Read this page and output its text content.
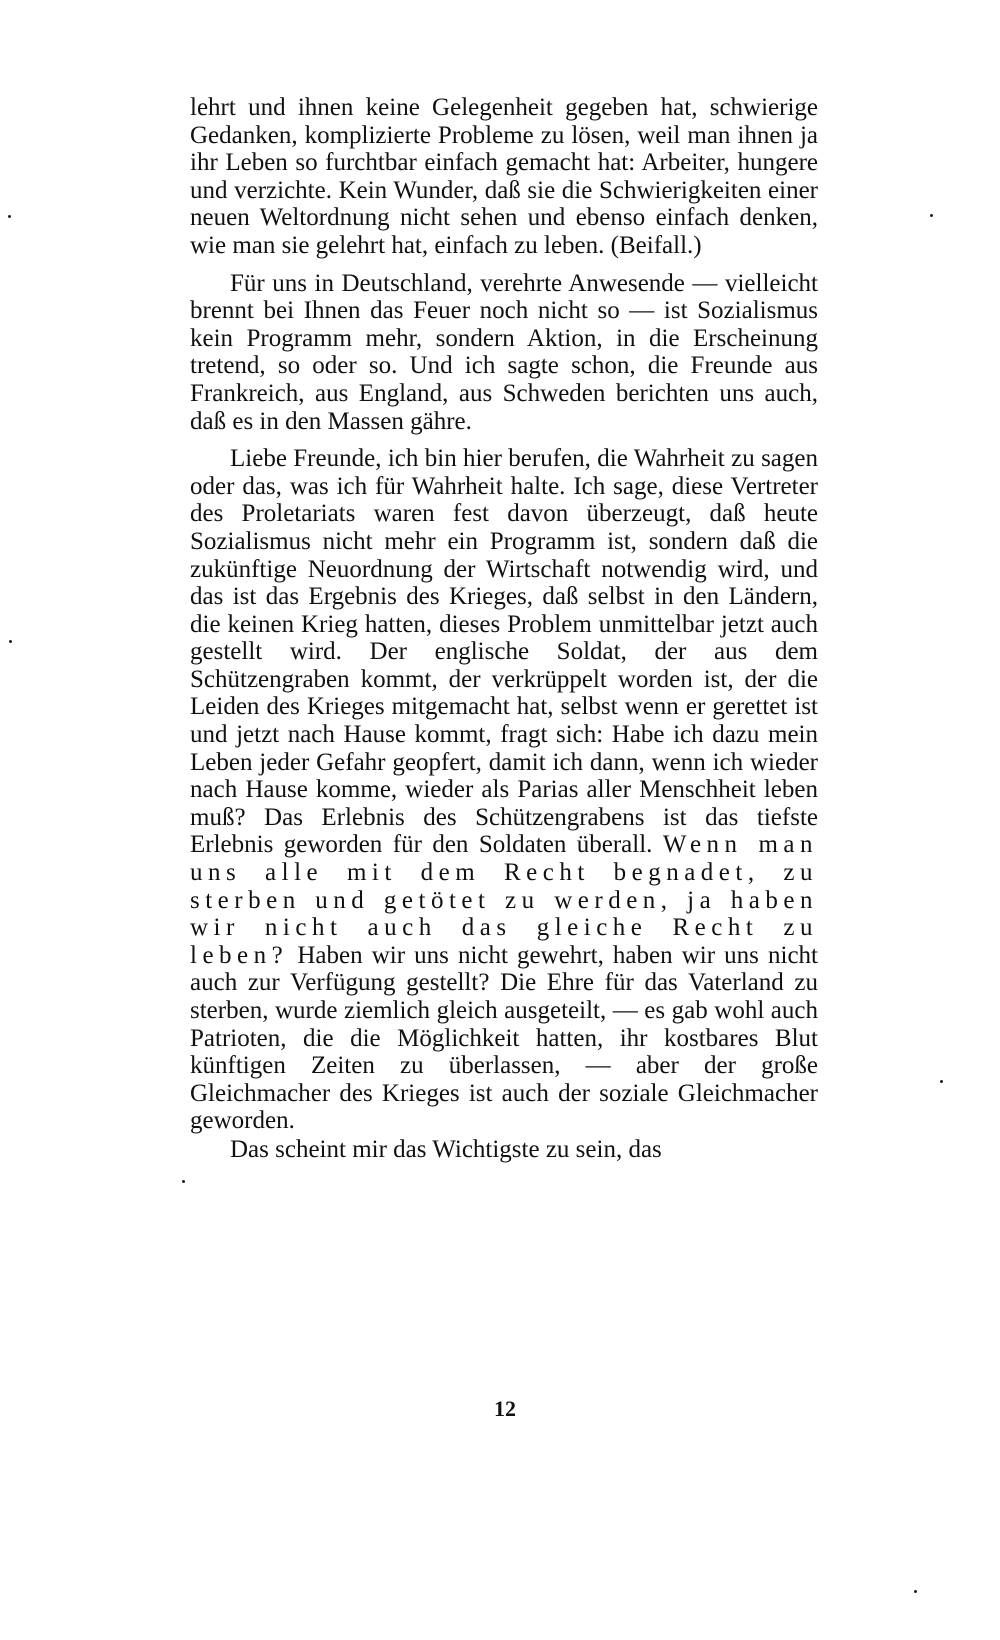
lehrt und ihnen keine Gelegenheit gegeben hat, schwierige Gedanken, komplizierte Probleme zu lösen, weil man ihnen ja ihr Leben so furchtbar einfach gemacht hat: Arbeiter, hungere und verzichte. Kein Wunder, daß sie die Schwierigkeiten einer neuen Weltordnung nicht sehen und ebenso einfach denken, wie man sie gelehrt hat, einfach zu leben. (Beifall.)

Für uns in Deutschland, verehrte Anwesende — vielleicht brennt bei Ihnen das Feuer noch nicht so — ist Sozialismus kein Programm mehr, sondern Aktion, in die Erscheinung tretend, so oder so. Und ich sagte schon, die Freunde aus Frankreich, aus England, aus Schweden berichten uns auch, daß es in den Massen gähre.

Liebe Freunde, ich bin hier berufen, die Wahrheit zu sagen oder das, was ich für Wahrheit halte. Ich sage, diese Vertreter des Proletariats waren fest davon überzeugt, daß heute Sozialismus nicht mehr ein Programm ist, sondern daß die zukünftige Neuordnung der Wirtschaft notwendig wird, und das ist das Ergebnis des Krieges, daß selbst in den Ländern, die keinen Krieg hatten, dieses Problem unmittelbar jetzt auch gestellt wird. Der englische Soldat, der aus dem Schützengraben kommt, der verkrüppelt worden ist, der die Leiden des Krieges mitgemacht hat, selbst wenn er gerettet ist und jetzt nach Hause kommt, fragt sich: Habe ich dazu mein Leben jeder Gefahr geopfert, damit ich dann, wenn ich wieder nach Hause komme, wieder als Parias aller Menschheit leben muß? Das Erlebnis des Schützengrabens ist das tiefste Erlebnis geworden für den Soldaten überall. Wenn man uns alle mit dem Recht begnadet, zu sterben und getötet zu werden, ja haben wir nicht auch das gleiche Recht zu leben? Haben wir uns nicht gewehrt, haben wir uns nicht auch zur Verfügung gestellt? Die Ehre für das Vaterland zu sterben, wurde ziemlich gleich ausgeteilt, — es gab wohl auch Patrioten, die die Möglichkeit hatten, ihr kostbares Blut künftigen Zeiten zu überlassen, — aber der große Gleichmacher des Krieges ist auch der soziale Gleichmacher geworden.

Das scheint mir das Wichtigste zu sein, das

12
